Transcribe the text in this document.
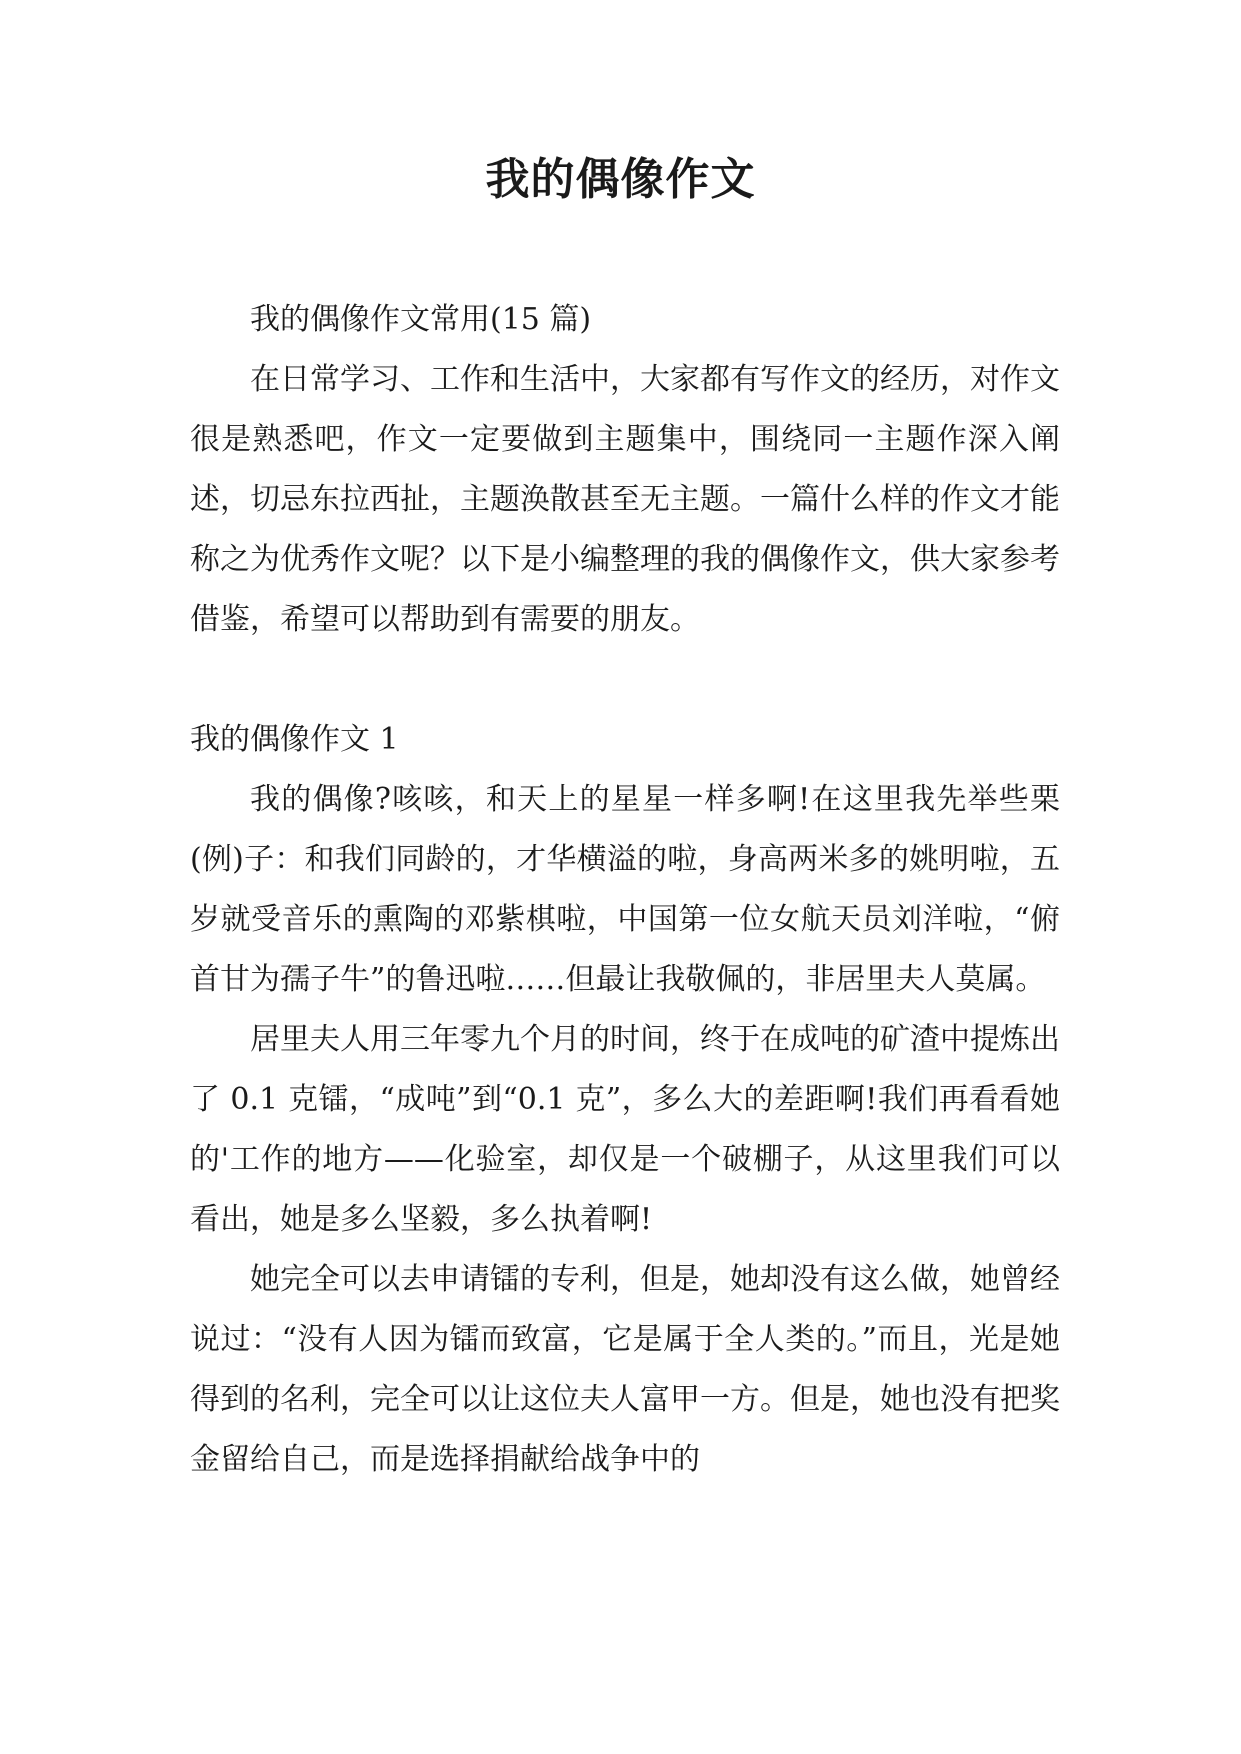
我的偶像作文

我的偶像作文常用(15 篇)

在日常学习、工作和生活中，大家都有写作文的经历，对作文很是熟悉吧，作文一定要做到主题集中，围绕同一主题作深入阐述，切忌东拉西扯，主题涣散甚至无主题。一篇什么样的作文才能称之为优秀作文呢？以下是小编整理的我的偶像作文，供大家参考借鉴，希望可以帮助到有需要的朋友。

我的偶像作文 1

我的偶像?咳咳，和天上的星星一样多啊!在这里我先举些栗(例)子：和我们同龄的，才华横溢的啦，身高两米多的姚明啦，五岁就受音乐的熏陶的邓紫棋啦，中国第一位女航天员刘洋啦，“俯首甘为孺子牛”的鲁迅啦……但最让我敬佩的，非居里夫人莫属。

居里夫人用三年零九个月的时间，终于在成吨的矿渣中提炼出了 0.1 克镭，“成吨”到“0.1 克”，多么大的差距啊!我们再看看她的'工作的地方——化验室，却仅是一个破棚子，从这里我们可以看出，她是多么坚毅，多么执着啊!

她完全可以去申请镭的专利，但是，她却没有这么做，她曾经说过：“没有人因为镭而致富，它是属于全人类的。”而且，光是她得到的名利，完全可以让这位夫人富甲一方。但是，她也没有把奖金留给自己，而是选择捐献给战争中的
